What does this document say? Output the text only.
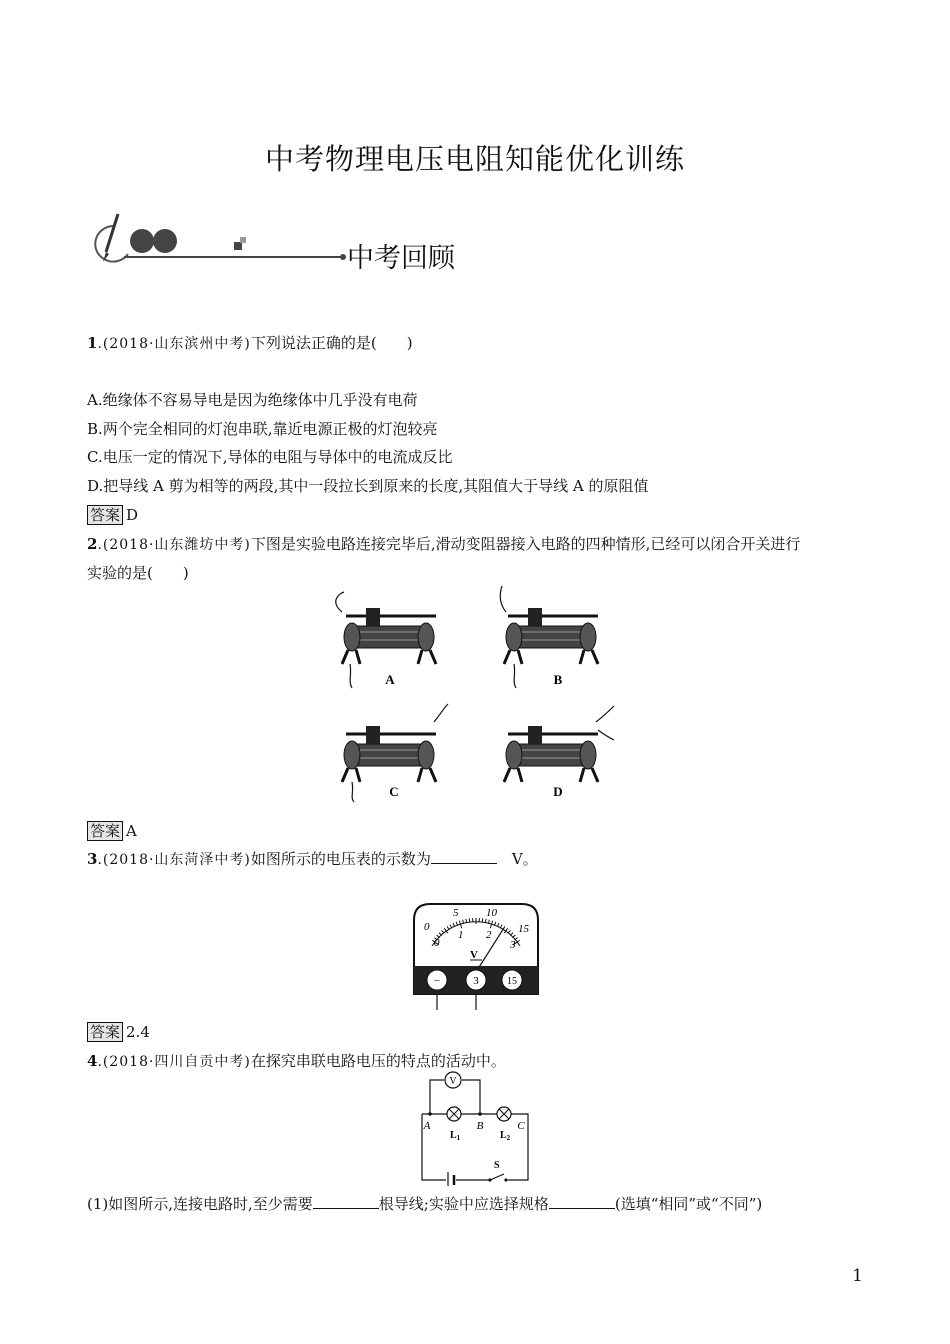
中考物理电压电阻知能优化训练
中考回顾
1.(2018·山东滨州中考)下列说法正确的是(　　)
A.绝缘体不容易导电是因为绝缘体中几乎没有电荷
B.两个完全相同的灯泡串联,靠近电源正极的灯泡较亮
C.电压一定的情况下,导体的电阻与导体中的电流成反比
D.把导线 A 剪为相等的两段,其中一段拉长到原来的长度,其阻值大于导线 A 的原阻值
答案 D
2.(2018·山东潍坊中考)下图是实验电路连接完毕后,滑动变阻器接入电路的四种情形,已经可以闭合开关进行
实验的是(　　)
A	B
C	D
答案 A
3.(2018·山东菏泽中考)如图所示的电压表的示数为　	V。
0
5	10
15
0
1 2
3
V
−	3	15
答案 2.4
4.(2018·四川自贡中考)在探究串联电路电压的特点的活动中。
V
A	B	C
$L_1$	$L_2$
S
(1)如图所示,连接电路时,至少需要	根导线;实验中应选择规格	(选填“相同”或“不同”)
1
